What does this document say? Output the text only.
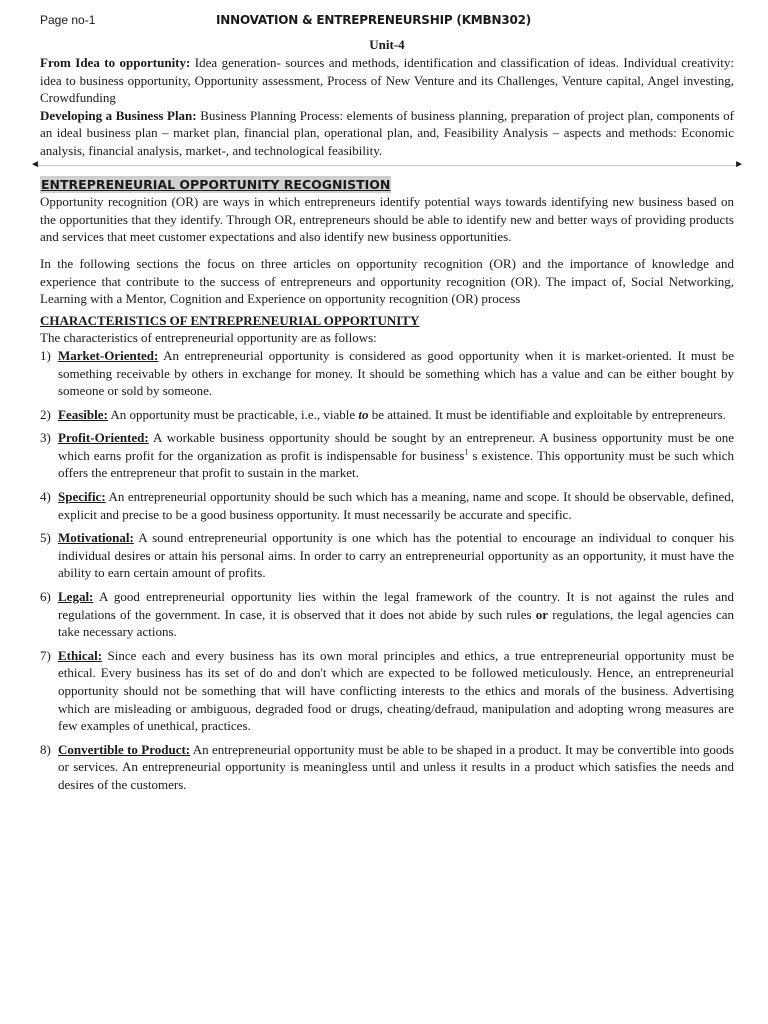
Page no-1	INNOVATION & ENTREPRENEURSHIP (KMBN302)
Unit-4

From Idea to opportunity: Idea generation- sources and methods, identification and classification of ideas. Individual creativity: idea to business opportunity, Opportunity assessment, Process of New Venture and its Challenges, Venture capital, Angel investing, Crowdfunding

Developing a Business Plan: Business Planning Process: elements of business planning, preparation of project plan, components of an ideal business plan – market plan, financial plan, operational plan, and, Feasibility Analysis – aspects and methods: Economic analysis, financial analysis, market-, and technological feasibility.

◄	►
ENTREPRENEURIAL OPPORTUNITY RECOGNISTION

Opportunity recognition (OR) are ways in which entrepreneurs identify potential ways towards identifying new business based on the opportunities that they identify. Through OR, entrepreneurs should be able to identify new and better ways of providing products and services that meet customer expectations and also identify new business opportunities.

In the following sections the focus on three articles on opportunity recognition (OR) and the importance of knowledge and experience that contribute to the success of entrepreneurs and opportunity recognition (OR). The impact of, Social Networking, Learning with a Mentor, Cognition and Experience on opportunity recognition (OR) process

CHARACTERISTICS OF ENTREPRENEURIAL OPPORTUNITY

The characteristics of entrepreneurial opportunity are as follows:

1) Market-Oriented: An entrepreneurial opportunity is considered as good opportunity when it is market-oriented. It must be something receivable by others in exchange for money. It should be something which has a value and can be either bought by someone or sold by someone.
2) Feasible: An opportunity must be practicable, i.e., viable to be attained. It must be identifiable and exploitable by entrepreneurs.
3) Profit-Oriented: A workable business opportunity should be sought by an entrepreneur. A business opportunity must be one which earns profit for the organization as profit is indispensable for business$^1$ s existence. This opportunity must be such which offers the entrepreneur that profit to sustain in the market.
4) Specific: An entrepreneurial opportunity should be such which has a meaning, name and scope. It should be observable, defined, explicit and precise to be a good business opportunity. It must necessarily be accurate and specific.
5) Motivational: A sound entrepreneurial opportunity is one which has the potential to encourage an individual to conquer his individual desires or attain his personal aims. In order to carry an entrepreneurial opportunity as an opportunity, it must have the ability to earn certain amount of profits.
6) Legal: A good entrepreneurial opportunity lies within the legal framework of the country. It is not against the rules and regulations of the government. In case, it is observed that it does not abide by such rules or regulations, the legal agencies can take necessary actions.
7) Ethical: Since each and every business has its own moral principles and ethics, a true entrepreneurial opportunity must be ethical. Every business has its set of do and don't which are expected to be followed meticulously. Hence, an entrepreneurial opportunity should not be something that will have conflicting interests to the ethics and morals of the business. Advertising which are misleading or ambiguous, degraded food or drugs, cheating/defraud, manipulation and adopting wrong measures are few examples of unethical, practices.
8) Convertible to Product: An entrepreneurial opportunity must be able to be shaped in a product. It may be convertible into goods or services. An entrepreneurial opportunity is meaningless until and unless it results in a product which satisfies the needs and desires of the customers.
